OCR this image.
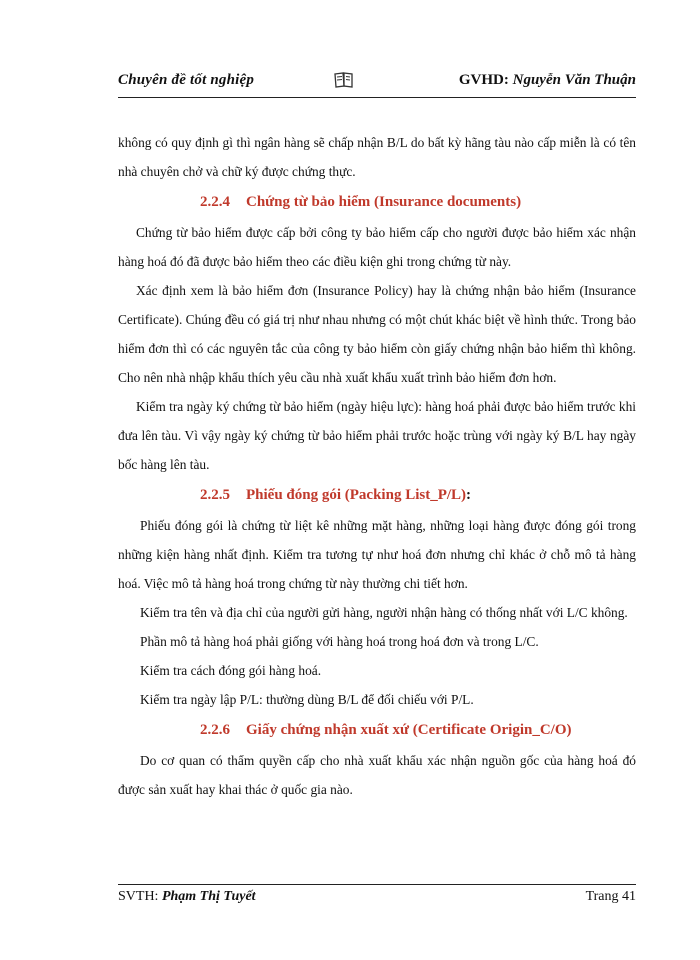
Chuyên đề tốt nghiệp	GVHD: Nguyễn Văn Thuận

không có quy định gì thì ngân hàng sẽ chấp nhận B/L do bất kỳ hãng tàu nào cấp miễn là có tên nhà chuyên chở và chữ ký được chứng thực.

2.2.4 Chứng từ bảo hiểm (Insurance documents)

Chứng từ bảo hiểm được cấp bởi công ty bảo hiểm cấp cho người được bảo hiểm xác nhận hàng hoá đó đã được bảo hiểm theo các điều kiện ghi trong chứng từ này.

Xác định xem là bảo hiểm đơn (Insurance Policy) hay là chứng nhận bảo hiểm (Insurance Certificate). Chúng đều có giá trị như nhau nhưng có một chút khác biệt về hình thức. Trong bảo hiểm đơn thì có các nguyên tắc của công ty bảo hiểm còn giấy chứng nhận bảo hiểm thì không. Cho nên nhà nhập khẩu thích yêu cầu nhà xuất khẩu xuất trình bảo hiểm đơn hơn.

Kiểm tra ngày ký chứng từ bảo hiểm (ngày hiệu lực): hàng hoá phải được bảo hiểm trước khi đưa lên tàu. Vì vậy ngày ký chứng từ bảo hiểm phải trước hoặc trùng với ngày ký B/L hay ngày bốc hàng lên tàu.

2.2.5 Phiếu đóng gói (Packing List_P/L):

Phiếu đóng gói là chứng từ liệt kê những mặt hàng, những loại hàng được đóng gói trong những kiện hàng nhất định. Kiểm tra tương tự như hoá đơn nhưng chỉ khác ở chỗ mô tả hàng hoá. Việc mô tả hàng hoá trong chứng từ này thường chi tiết hơn.

Kiểm tra tên và địa chỉ của người gửi hàng, người nhận hàng có thống nhất với L/C không.

Phần mô tả hàng hoá phải giống với hàng hoá trong hoá đơn và trong L/C.

Kiểm tra cách đóng gói hàng hoá.

Kiểm tra ngày lập P/L: thường dùng B/L để đối chiếu với P/L.

2.2.6 Giấy chứng nhận xuất xứ (Certificate Origin_C/O)

Do cơ quan có thẩm quyền cấp cho nhà xuất khẩu xác nhận nguồn gốc của hàng hoá đó được sản xuất hay khai thác ở quốc gia nào.

SVTH: Phạm Thị Tuyết	Trang 41
